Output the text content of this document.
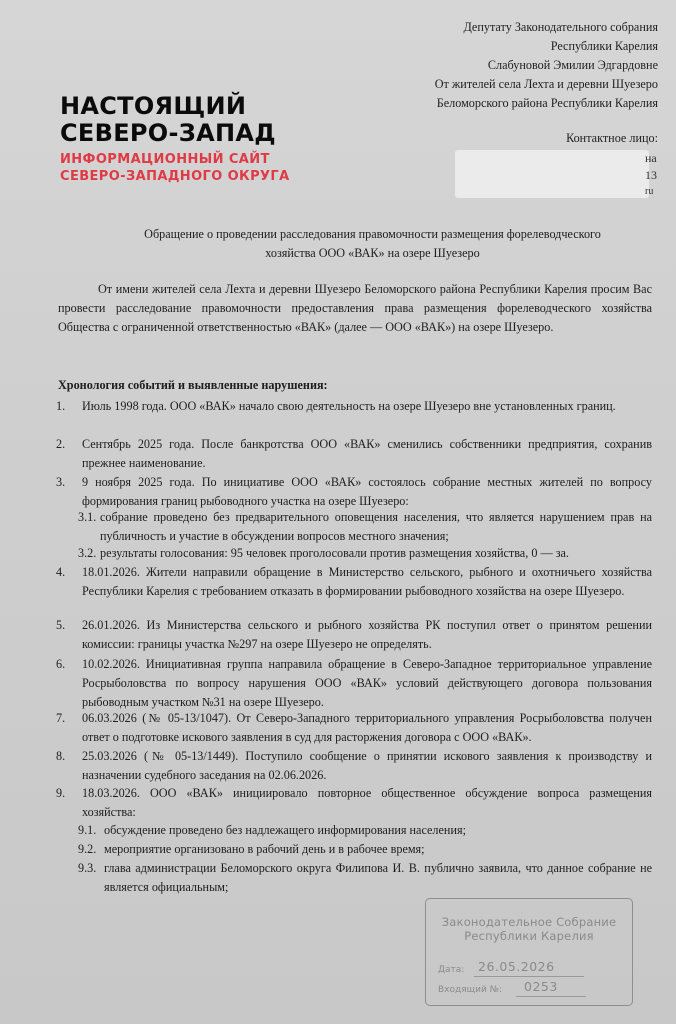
Депутату Законодательного собрания
Республики Карелия
Слабуновой Эмилии Эдгардовне
От жителей села Лехта и деревни Шуезеро
Беломорского района Республики Карелия
Контактное лицо:
на
13
ru
НАСТОЯЩИЙ
СЕВЕРО-ЗАПАД
ИНФОРМАЦИОННЫЙ САЙТ
СЕВЕРО-ЗАПАДНОГО ОКРУГА
Обращение о проведении расследования правомочности размещения форелеводческого
хозяйства ООО «ВАК» на озере Шуезеро
От имени жителей села Лехта и деревни Шуезеро Беломорского района Республики Карелия просим Вас провести расследование правомочности предоставления права размещения форелеводческого хозяйства Общества с ограниченной ответственностью «ВАК» (далее — ООО «ВАК») на озере Шуезеро.
Хронология событий и выявленные нарушения:
1. Июль 1998 года. ООО «ВАК» начало свою деятельность на озере Шуезеро вне установленных границ.
2. Сентябрь 2025 года. После банкротства ООО «ВАК» сменились собственники предприятия, сохранив прежнее наименование.
3. 9 ноября 2025 года. По инициативе ООО «ВАК» состоялось собрание местных жителей по вопросу формирования границ рыбоводного участка на озере Шуезеро:
3.1. собрание проведено без предварительного оповещения населения, что является нарушением прав на публичность и участие в обсуждении вопросов местного значения;
3.2. результаты голосования: 95 человек проголосовали против размещения хозяйства, 0 — за.
4. 18.01.2026. Жители направили обращение в Министерство сельского, рыбного и охотничьего хозяйства Республики Карелия с требованием отказать в формировании рыбоводного хозяйства на озере Шуезеро.
5. 26.01.2026. Из Министерства сельского и рыбного хозяйства РК поступил ответ о принятом решении комиссии: границы участка №297 на озере Шуезеро не определять.
6. 10.02.2026. Инициативная группа направила обращение в Северо-Западное территориальное управление Росрыболовства по вопросу нарушения ООО «ВАК» условий действующего договора пользования рыбоводным участком №31 на озере Шуезеро.
7. 06.03.2026 (№ 05-13/1047). От Северо-Западного территориального управления Росрыболовства получен ответ о подготовке искового заявления в суд для расторжения договора с ООО «ВАК».
8. 25.03.2026 (№ 05-13/1449). Поступило сообщение о принятии искового заявления к производству и назначении судебного заседания на 02.06.2026.
9. 18.03.2026. ООО «ВАК» инициировало повторное общественное обсуждение вопроса размещения хозяйства:
9.1. обсуждение проведено без надлежащего информирования населения;
9.2. мероприятие организовано в рабочий день и в рабочее время;
9.3. глава администрации Беломорского округа Филипова И. В. публично заявила, что данное собрание не является официальным;
Законодательное Собрание
Республики Карелия
Дата: 26.05.2026
Входящий №: 0253
